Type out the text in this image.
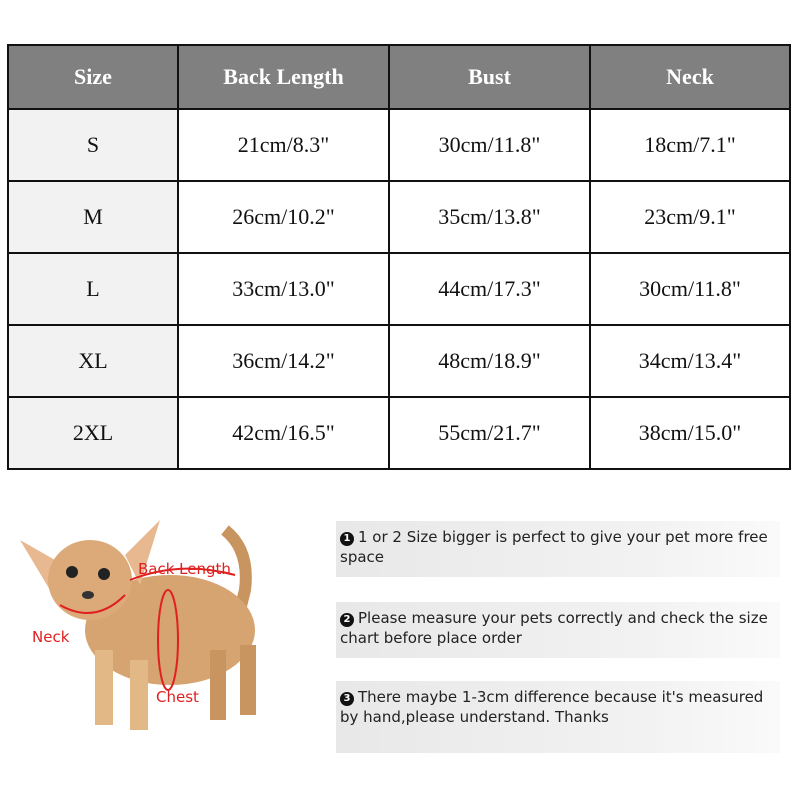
Size	Back Length	Bust	Neck
S	21cm/8.3"	30cm/11.8"	18cm/7.1"
M	26cm/10.2"	35cm/13.8"	23cm/9.1"
L	33cm/13.0"	44cm/17.3"	30cm/11.8"
XL	36cm/14.2"	48cm/18.9"	34cm/13.4"
2XL	42cm/16.5"	55cm/21.7"	38cm/15.0"
Back Length
Neck
Chest
1 1 or 2 Size bigger is perfect to give your pet more free space
2 Please measure your pets correctly and check the size chart before place order
3 There maybe 1-3cm difference because it's measured by hand,please understand. Thanks
